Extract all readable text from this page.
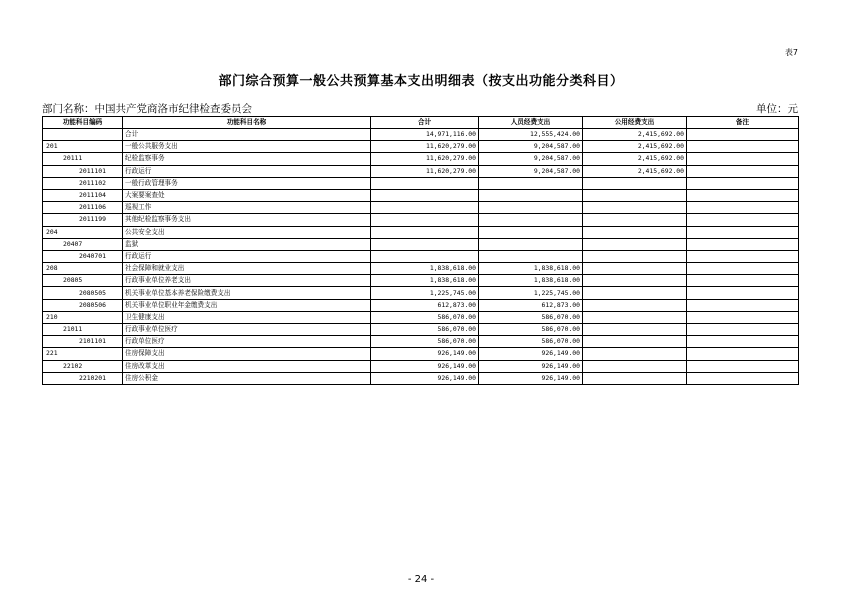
表7
部门综合预算一般公共预算基本支出明细表（按支出功能分类科目）
部门名称：中国共产党商洛市纪律检查委员会	单位：元
功能科目编码	功能科目名称	合计	人员经费支出	公用经费支出	备注
	合计	14,971,116.00	12,555,424.00	2,415,692.00	
201	一般公共服务支出	11,620,279.00	9,204,587.00	2,415,692.00	
20111	纪检监察事务	11,620,279.00	9,204,587.00	2,415,692.00	
2011101	行政运行	11,620,279.00	9,204,587.00	2,415,692.00	
2011102	一般行政管理事务				
2011104	大案要案查处				
2011106	巡视工作				
2011199	其他纪检监察事务支出				
204	公共安全支出				
20407	监狱				
2040701	行政运行				
208	社会保障和就业支出	1,838,618.00	1,838,618.00		
20805	行政事业单位养老支出	1,838,618.00	1,838,618.00		
2080505	机关事业单位基本养老保险缴费支出	1,225,745.00	1,225,745.00		
2080506	机关事业单位职业年金缴费支出	612,873.00	612,873.00		
210	卫生健康支出	586,070.00	586,070.00		
21011	行政事业单位医疗	586,070.00	586,070.00		
2101101	行政单位医疗	586,070.00	586,070.00		
221	住房保障支出	926,149.00	926,149.00		
22102	住房改革支出	926,149.00	926,149.00		
2210201	住房公积金	926,149.00	926,149.00		
- 24 -
